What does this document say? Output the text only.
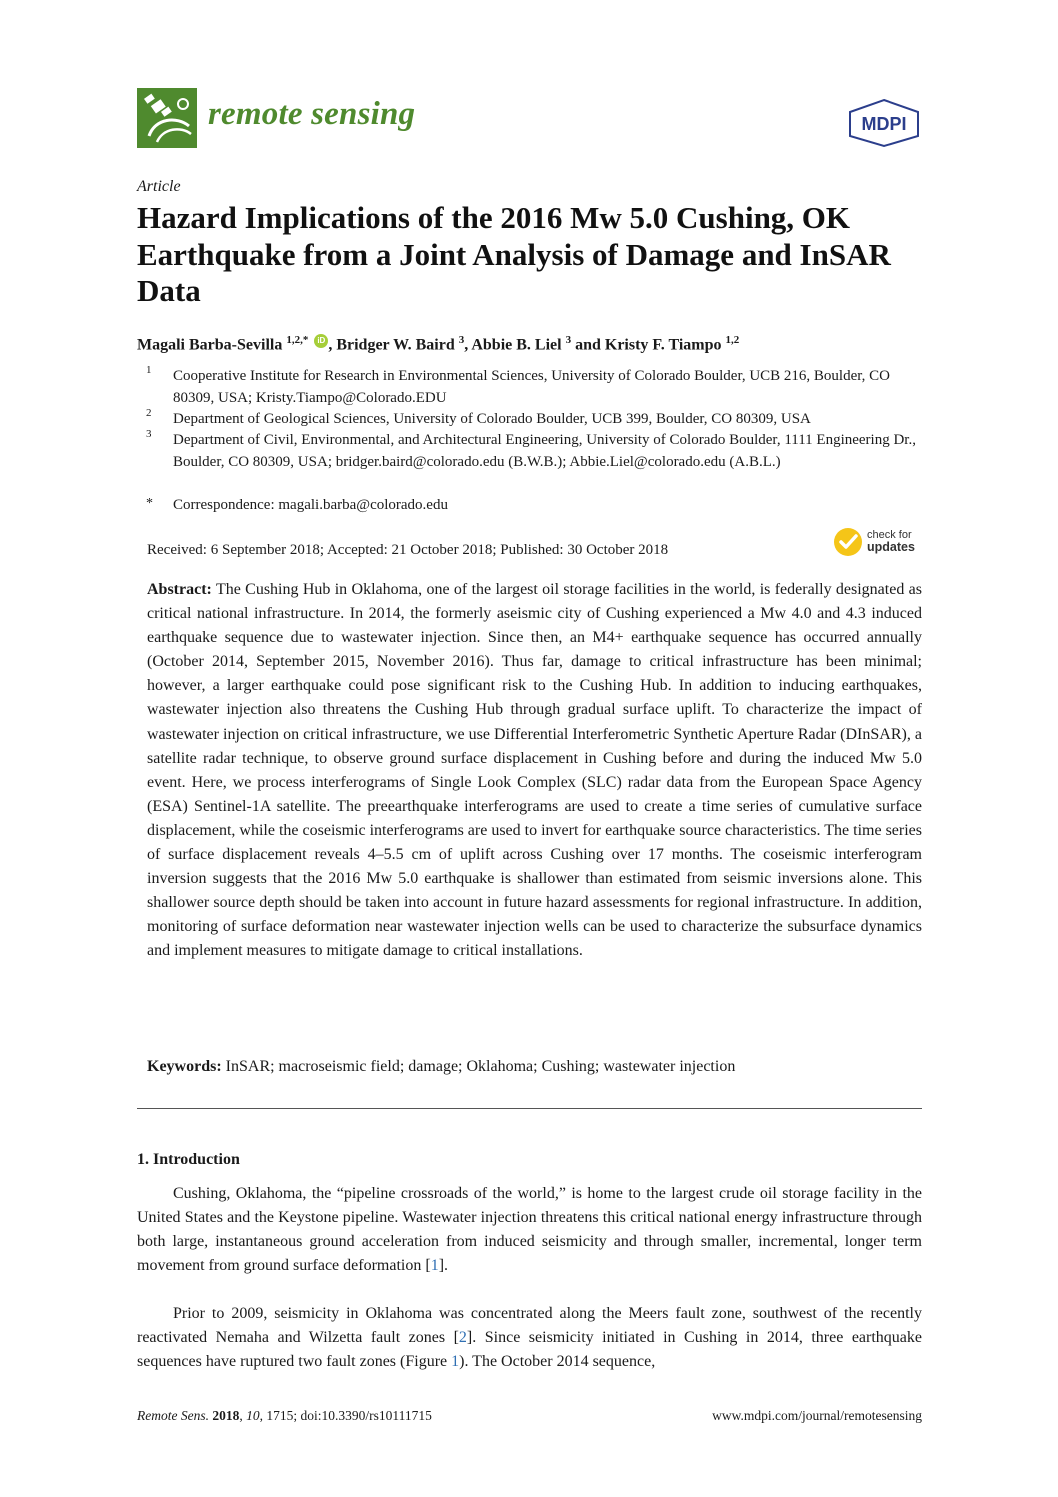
remote sensing	MDPI
Article
Hazard Implications of the 2016 Mw 5.0 Cushing, OK Earthquake from a Joint Analysis of Damage and InSAR Data
Magali Barba-Sevilla $^{1,2,*}$ iD , Bridger W. Baird $^3$, Abbie B. Liel $^3$ and Kristy F. Tiampo $^{1,2}$
1 Cooperative Institute for Research in Environmental Sciences, University of Colorado Boulder, UCB 216, Boulder, CO 80309, USA; Kristy.Tiampo@Colorado.EDU
2 Department of Geological Sciences, University of Colorado Boulder, UCB 399, Boulder, CO 80309, USA
3 Department of Civil, Environmental, and Architectural Engineering, University of Colorado Boulder, 1111 Engineering Dr., Boulder, CO 80309, USA; bridger.baird@colorado.edu (B.W.B.); Abbie.Liel@colorado.edu (A.B.L.)
* Correspondence: magali.barba@colorado.edu
Received: 6 September 2018; Accepted: 21 October 2018; Published: 30 October 2018
check for
updates
Abstract: The Cushing Hub in Oklahoma, one of the largest oil storage facilities in the world, is federally designated as critical national infrastructure. In 2014, the formerly aseismic city of Cushing experienced a Mw 4.0 and 4.3 induced earthquake sequence due to wastewater injection. Since then, an M4+ earthquake sequence has occurred annually (October 2014, September 2015, November 2016). Thus far, damage to critical infrastructure has been minimal; however, a larger earthquake could pose significant risk to the Cushing Hub. In addition to inducing earthquakes, wastewater injection also threatens the Cushing Hub through gradual surface uplift. To characterize the impact of wastewater injection on critical infrastructure, we use Differential Interferometric Synthetic Aperture Radar (DInSAR), a satellite radar technique, to observe ground surface displacement in Cushing before and during the induced Mw 5.0 event. Here, we process interferograms of Single Look Complex (SLC) radar data from the European Space Agency (ESA) Sentinel-1A satellite. The preearthquake interferograms are used to create a time series of cumulative surface displacement, while the coseismic interferograms are used to invert for earthquake source characteristics. The time series of surface displacement reveals 4–5.5 cm of uplift across Cushing over 17 months. The coseismic interferogram inversion suggests that the 2016 Mw 5.0 earthquake is shallower than estimated from seismic inversions alone. This shallower source depth should be taken into account in future hazard assessments for regional infrastructure. In addition, monitoring of surface deformation near wastewater injection wells can be used to characterize the subsurface dynamics and implement measures to mitigate damage to critical installations.
Keywords: InSAR; macroseismic field; damage; Oklahoma; Cushing; wastewater injection
1. Introduction
Cushing, Oklahoma, the “pipeline crossroads of the world,” is home to the largest crude oil storage facility in the United States and the Keystone pipeline. Wastewater injection threatens this critical national energy infrastructure through both large, instantaneous ground acceleration from induced seismicity and through smaller, incremental, longer term movement from ground surface deformation [1].
Prior to 2009, seismicity in Oklahoma was concentrated along the Meers fault zone, southwest of the recently reactivated Nemaha and Wilzetta fault zones [2]. Since seismicity initiated in Cushing in 2014, three earthquake sequences have ruptured two fault zones (Figure 1). The October 2014 sequence,
Remote Sens. 2018, 10, 1715; doi:10.3390/rs10111715	www.mdpi.com/journal/remotesensing
